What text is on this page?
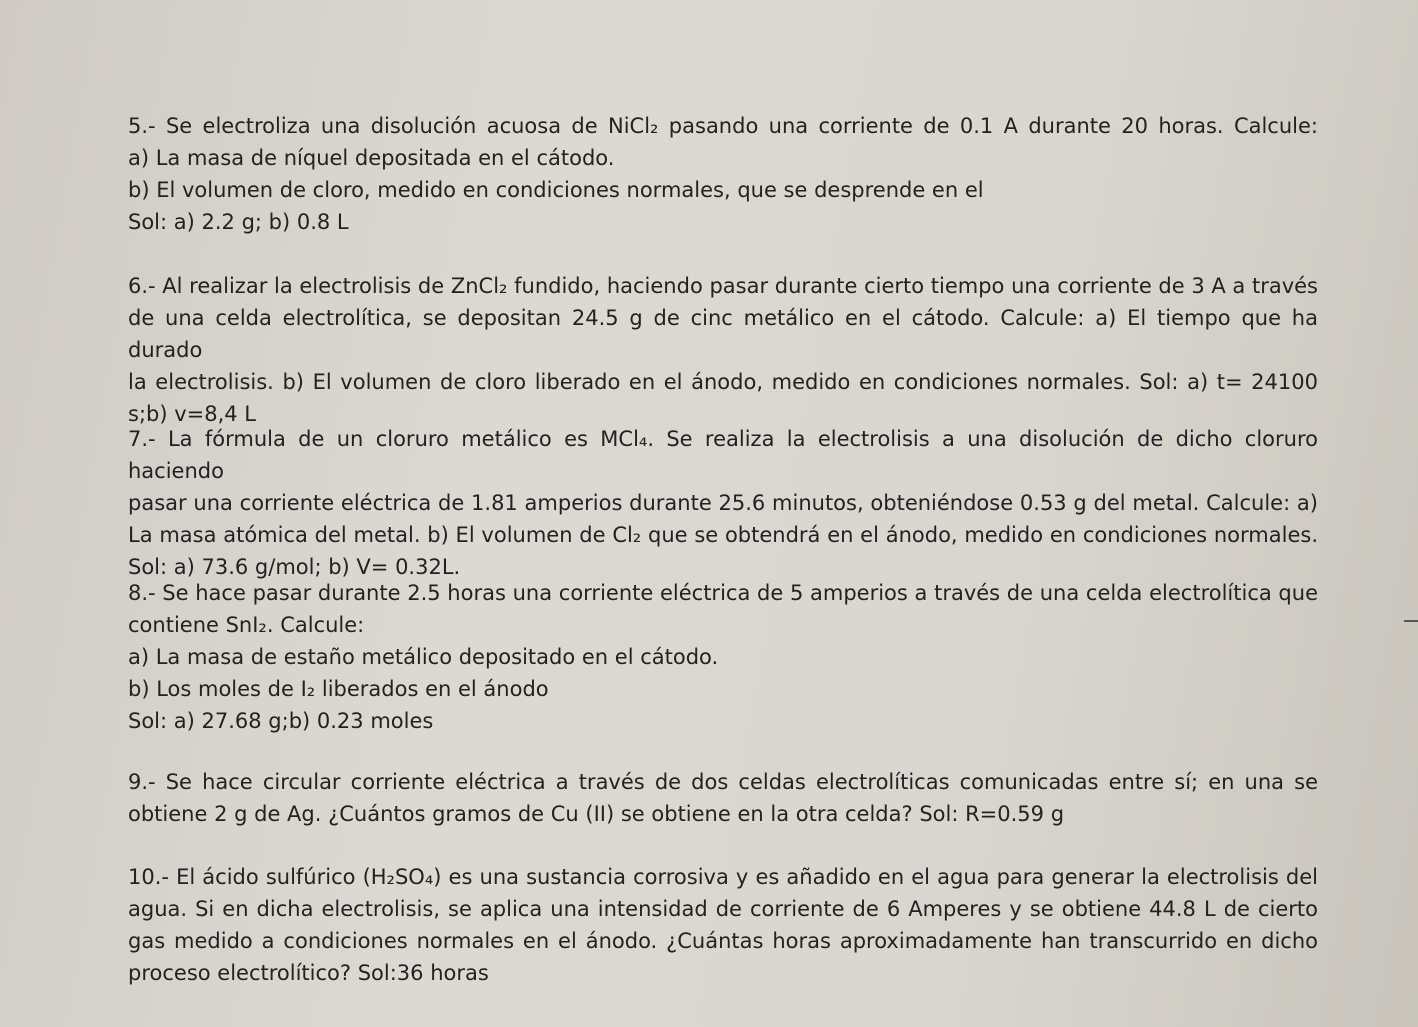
5.- Se electroliza una disolución acuosa de NiCl₂ pasando una corriente de 0.1 A durante 20 horas. Calcule:
a) La masa de níquel depositada en el cátodo.
b) El volumen de cloro, medido en condiciones normales, que se desprende en el
Sol: a) 2.2 g; b) 0.8 L
6.- Al realizar la electrolisis de ZnCl₂ fundido, haciendo pasar durante cierto tiempo una corriente de 3 A a través
de una celda electrolítica, se depositan 24.5 g de cinc metálico en el cátodo. Calcule: a) El tiempo que ha durado
la electrolisis. b) El volumen de cloro liberado en el ánodo, medido en condiciones normales. Sol: a) t= 24100
s;b) v=8,4 L
7.- La fórmula de un cloruro metálico es MCl₄. Se realiza la electrolisis a una disolución de dicho cloruro haciendo
pasar una corriente eléctrica de 1.81 amperios durante 25.6 minutos, obteniéndose 0.53 g del metal. Calcule: a)
La masa atómica del metal. b) El volumen de Cl₂ que se obtendrá en el ánodo, medido en condiciones normales.
Sol: a) 73.6 g/mol; b) V= 0.32L.
8.- Se hace pasar durante 2.5 horas una corriente eléctrica de 5 amperios a través de una celda electrolítica que
contiene SnI₂. Calcule:
a) La masa de estaño metálico depositado en el cátodo.
b) Los moles de I₂ liberados en el ánodo
Sol: a) 27.68 g;b) 0.23 moles
9.- Se hace circular corriente eléctrica a través de dos celdas electrolíticas comunicadas entre sí; en una se
obtiene 2 g de Ag. ¿Cuántos gramos de Cu (II) se obtiene en la otra celda? Sol: R=0.59 g
10.- El ácido sulfúrico (H₂SO₄) es una sustancia corrosiva y es añadido en el agua para generar la electrolisis del
agua. Si en dicha electrolisis, se aplica una intensidad de corriente de 6 Amperes y se obtiene 44.8 L de cierto
gas medido a condiciones normales en el ánodo. ¿Cuántas horas aproximadamente han transcurrido en dicho
proceso electrolítico? Sol:36 horas
